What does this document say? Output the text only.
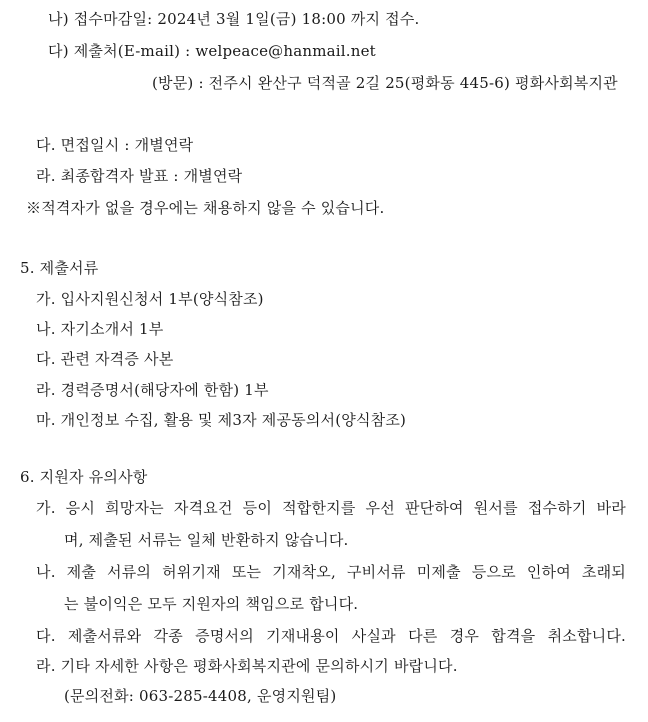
나) 접수마감일: 2024년 3월 1일(금) 18:00 까지 접수.
다) 제출처(E-mail) : welpeace@hanmail.net
(방문) : 전주시 완산구 덕적골 2길 25(평화동 445-6) 평화사회복지관
다. 면접일시 : 개별연락
라. 최종합격자 발표 : 개별연락
※적격자가 없을 경우에는 채용하지 않을 수 있습니다.
5. 제출서류
가. 입사지원신청서 1부(양식참조)
나. 자기소개서 1부
다. 관련 자격증 사본
라. 경력증명서(해당자에 한함) 1부
마. 개인정보 수집, 활용 및 제3자 제공동의서(양식참조)
6. 지원자 유의사항
가. 응시 희망자는 자격요건 등이 적합한지를 우선 판단하여 원서를 접수하기 바라
며, 제출된 서류는 일체 반환하지 않습니다.
나. 제출 서류의 허위기재 또는 기재착오, 구비서류 미제출 등으로 인하여 초래되
는 불이익은 모두 지원자의 책임으로 합니다.
다. 제출서류와 각종 증명서의 기재내용이 사실과 다른 경우 합격을 취소합니다.
라. 기타 자세한 사항은 평화사회복지관에 문의하시기 바랍니다.
(문의전화: 063-285-4408, 운영지원팀)
